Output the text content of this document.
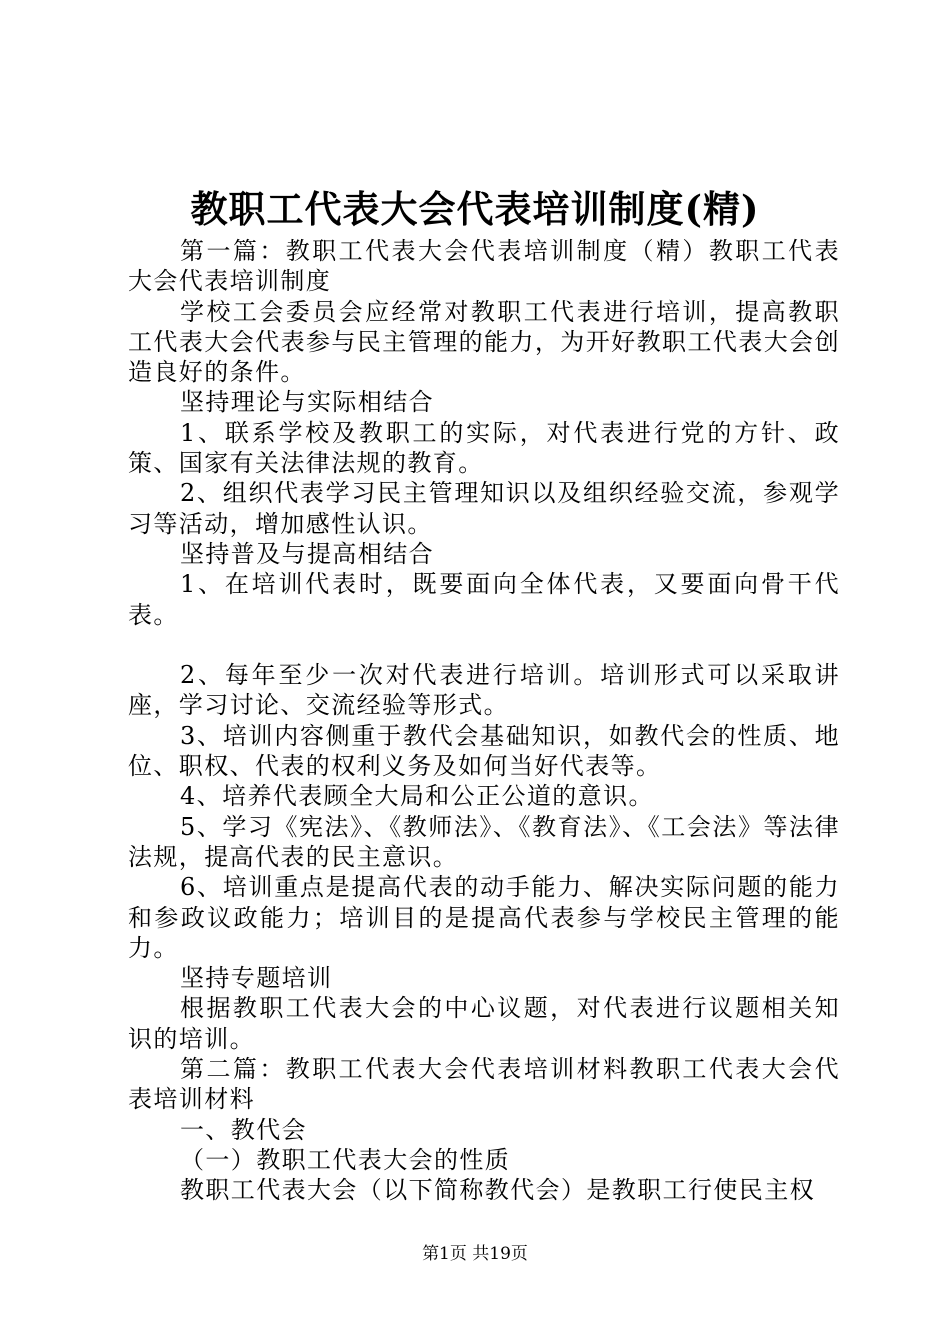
教职工代表大会代表培训制度(精)

第一篇：教职工代表大会代表培训制度（精）教职工代表大会代表培训制度

学校工会委员会应经常对教职工代表进行培训，提高教职工代表大会代表参与民主管理的能力，为开好教职工代表大会创造良好的条件。

坚持理论与实际相结合

1、联系学校及教职工的实际，对代表进行党的方针、政策、国家有关法律法规的教育。

2、组织代表学习民主管理知识以及组织经验交流，参观学习等活动，增加感性认识。

坚持普及与提高相结合

1、在培训代表时，既要面向全体代表，又要面向骨干代表。

2、每年至少一次对代表进行培训。培训形式可以采取讲座，学习讨论、交流经验等形式。

3、培训内容侧重于教代会基础知识，如教代会的性质、地位、职权、代表的权利义务及如何当好代表等。

4、培养代表顾全大局和公正公道的意识。

5、学习《宪法》、《教师法》、《教育法》、《工会法》等法律法规，提高代表的民主意识。

6、培训重点是提高代表的动手能力、解决实际问题的能力和参政议政能力；培训目的是提高代表参与学校民主管理的能力。

坚持专题培训

根据教职工代表大会的中心议题，对代表进行议题相关知识的培训。

第二篇：教职工代表大会代表培训材料教职工代表大会代表培训材料

一、教代会

（一）教职工代表大会的性质

教职工代表大会（以下简称教代会）是教职工行使民主权

第1页 共19页
